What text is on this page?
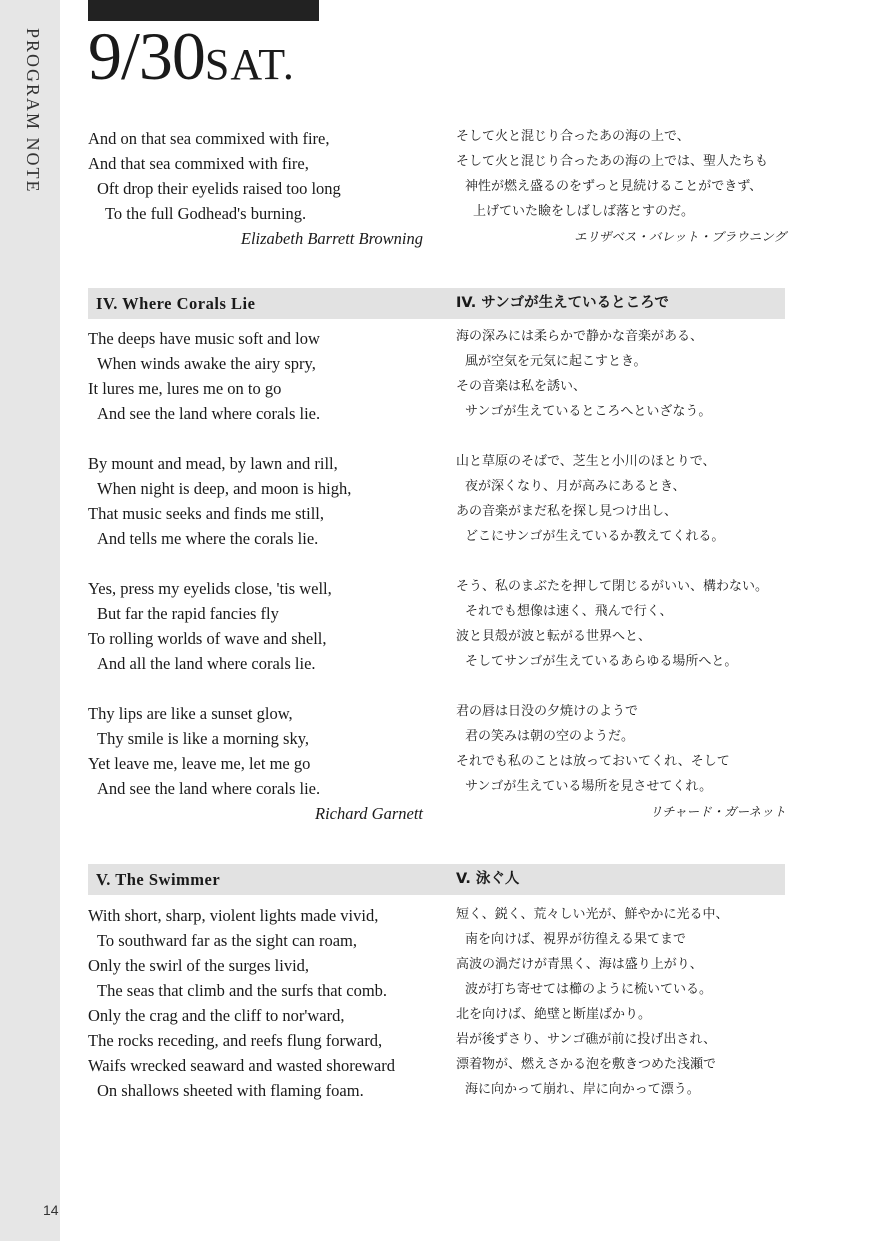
PROGRAM NOTE
14
9/30SAT.
And on that sea commixed with fire,
And that sea commixed with fire,
Oft drop their eyelids raised too long
To the full Godhead's burning.
Elizabeth Barrett Browning
そして火と混じり合ったあの海の上で、
そして火と混じり合ったあの海の上では、聖人たちも
神性が燃え盛るのをずっと見続けることができず、
上げていた瞼をしばしば落とすのだ。
エリザベス・バレット・ブラウニング
IV. Where Corals Lie	IV. サンゴが生えているところで
The deeps have music soft and low
When winds awake the airy spry,
It lures me, lures me on to go
And see the land where corals lie.
By mount and mead, by lawn and rill,
When night is deep, and moon is high,
That music seeks and finds me still,
And tells me where the corals lie.
Yes, press my eyelids close, 'tis well,
But far the rapid fancies fly
To rolling worlds of wave and shell,
And all the land where corals lie.
Thy lips are like a sunset glow,
Thy smile is like a morning sky,
Yet leave me, leave me, let me go
And see the land where corals lie.
Richard Garnett
海の深みには柔らかで静かな音楽がある、
風が空気を元気に起こすとき。
その音楽は私を誘い、
サンゴが生えているところへといざなう。
山と草原のそばで、芝生と小川のほとりで、
夜が深くなり、月が高みにあるとき、
あの音楽がまだ私を探し見つけ出し、
どこにサンゴが生えているか教えてくれる。
そう、私のまぶたを押して閉じるがいい、構わない。
それでも想像は速く、飛んで行く、
波と貝殻が波と転がる世界へと、
そしてサンゴが生えているあらゆる場所へと。
君の唇は日没の夕焼けのようで
君の笑みは朝の空のようだ。
それでも私のことは放っておいてくれ、そして
サンゴが生えている場所を見させてくれ。
リチャード・ガーネット
V. The Swimmer	V. 泳ぐ人
With short, sharp, violent lights made vivid,
To southward far as the sight can roam,
Only the swirl of the surges livid,
The seas that climb and the surfs that comb.
Only the crag and the cliff to nor'ward,
The rocks receding, and reefs flung forward,
Waifs wrecked seaward and wasted shoreward
On shallows sheeted with flaming foam.
短く、鋭く、荒々しい光が、鮮やかに光る中、
南を向けば、視界が彷徨える果てまで
高波の渦だけが青黒く、海は盛り上がり、
波が打ち寄せては櫛のように梳いている。
北を向けば、絶壁と断崖ばかり。
岩が後ずさり、サンゴ礁が前に投げ出され、
漂着物が、燃えさかる泡を敷きつめた浅瀬で
海に向かって崩れ、岸に向かって漂う。
